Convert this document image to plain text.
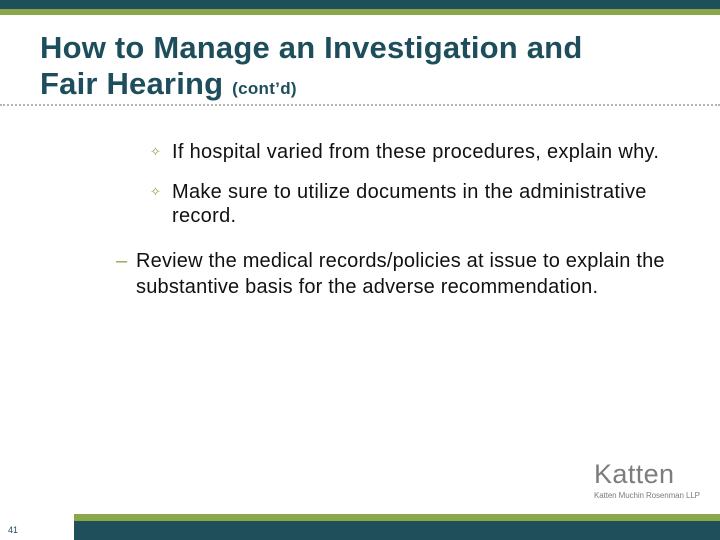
How to Manage an Investigation and
Fair Hearing (cont’d)
✧ If hospital varied from these procedures, explain why.
✧ Make sure to utilize documents in the administrative record.
– Review the medical records/policies at issue to explain the substantive basis for the adverse recommendation.
Katten
Katten Muchin Rosenman LLP
41
